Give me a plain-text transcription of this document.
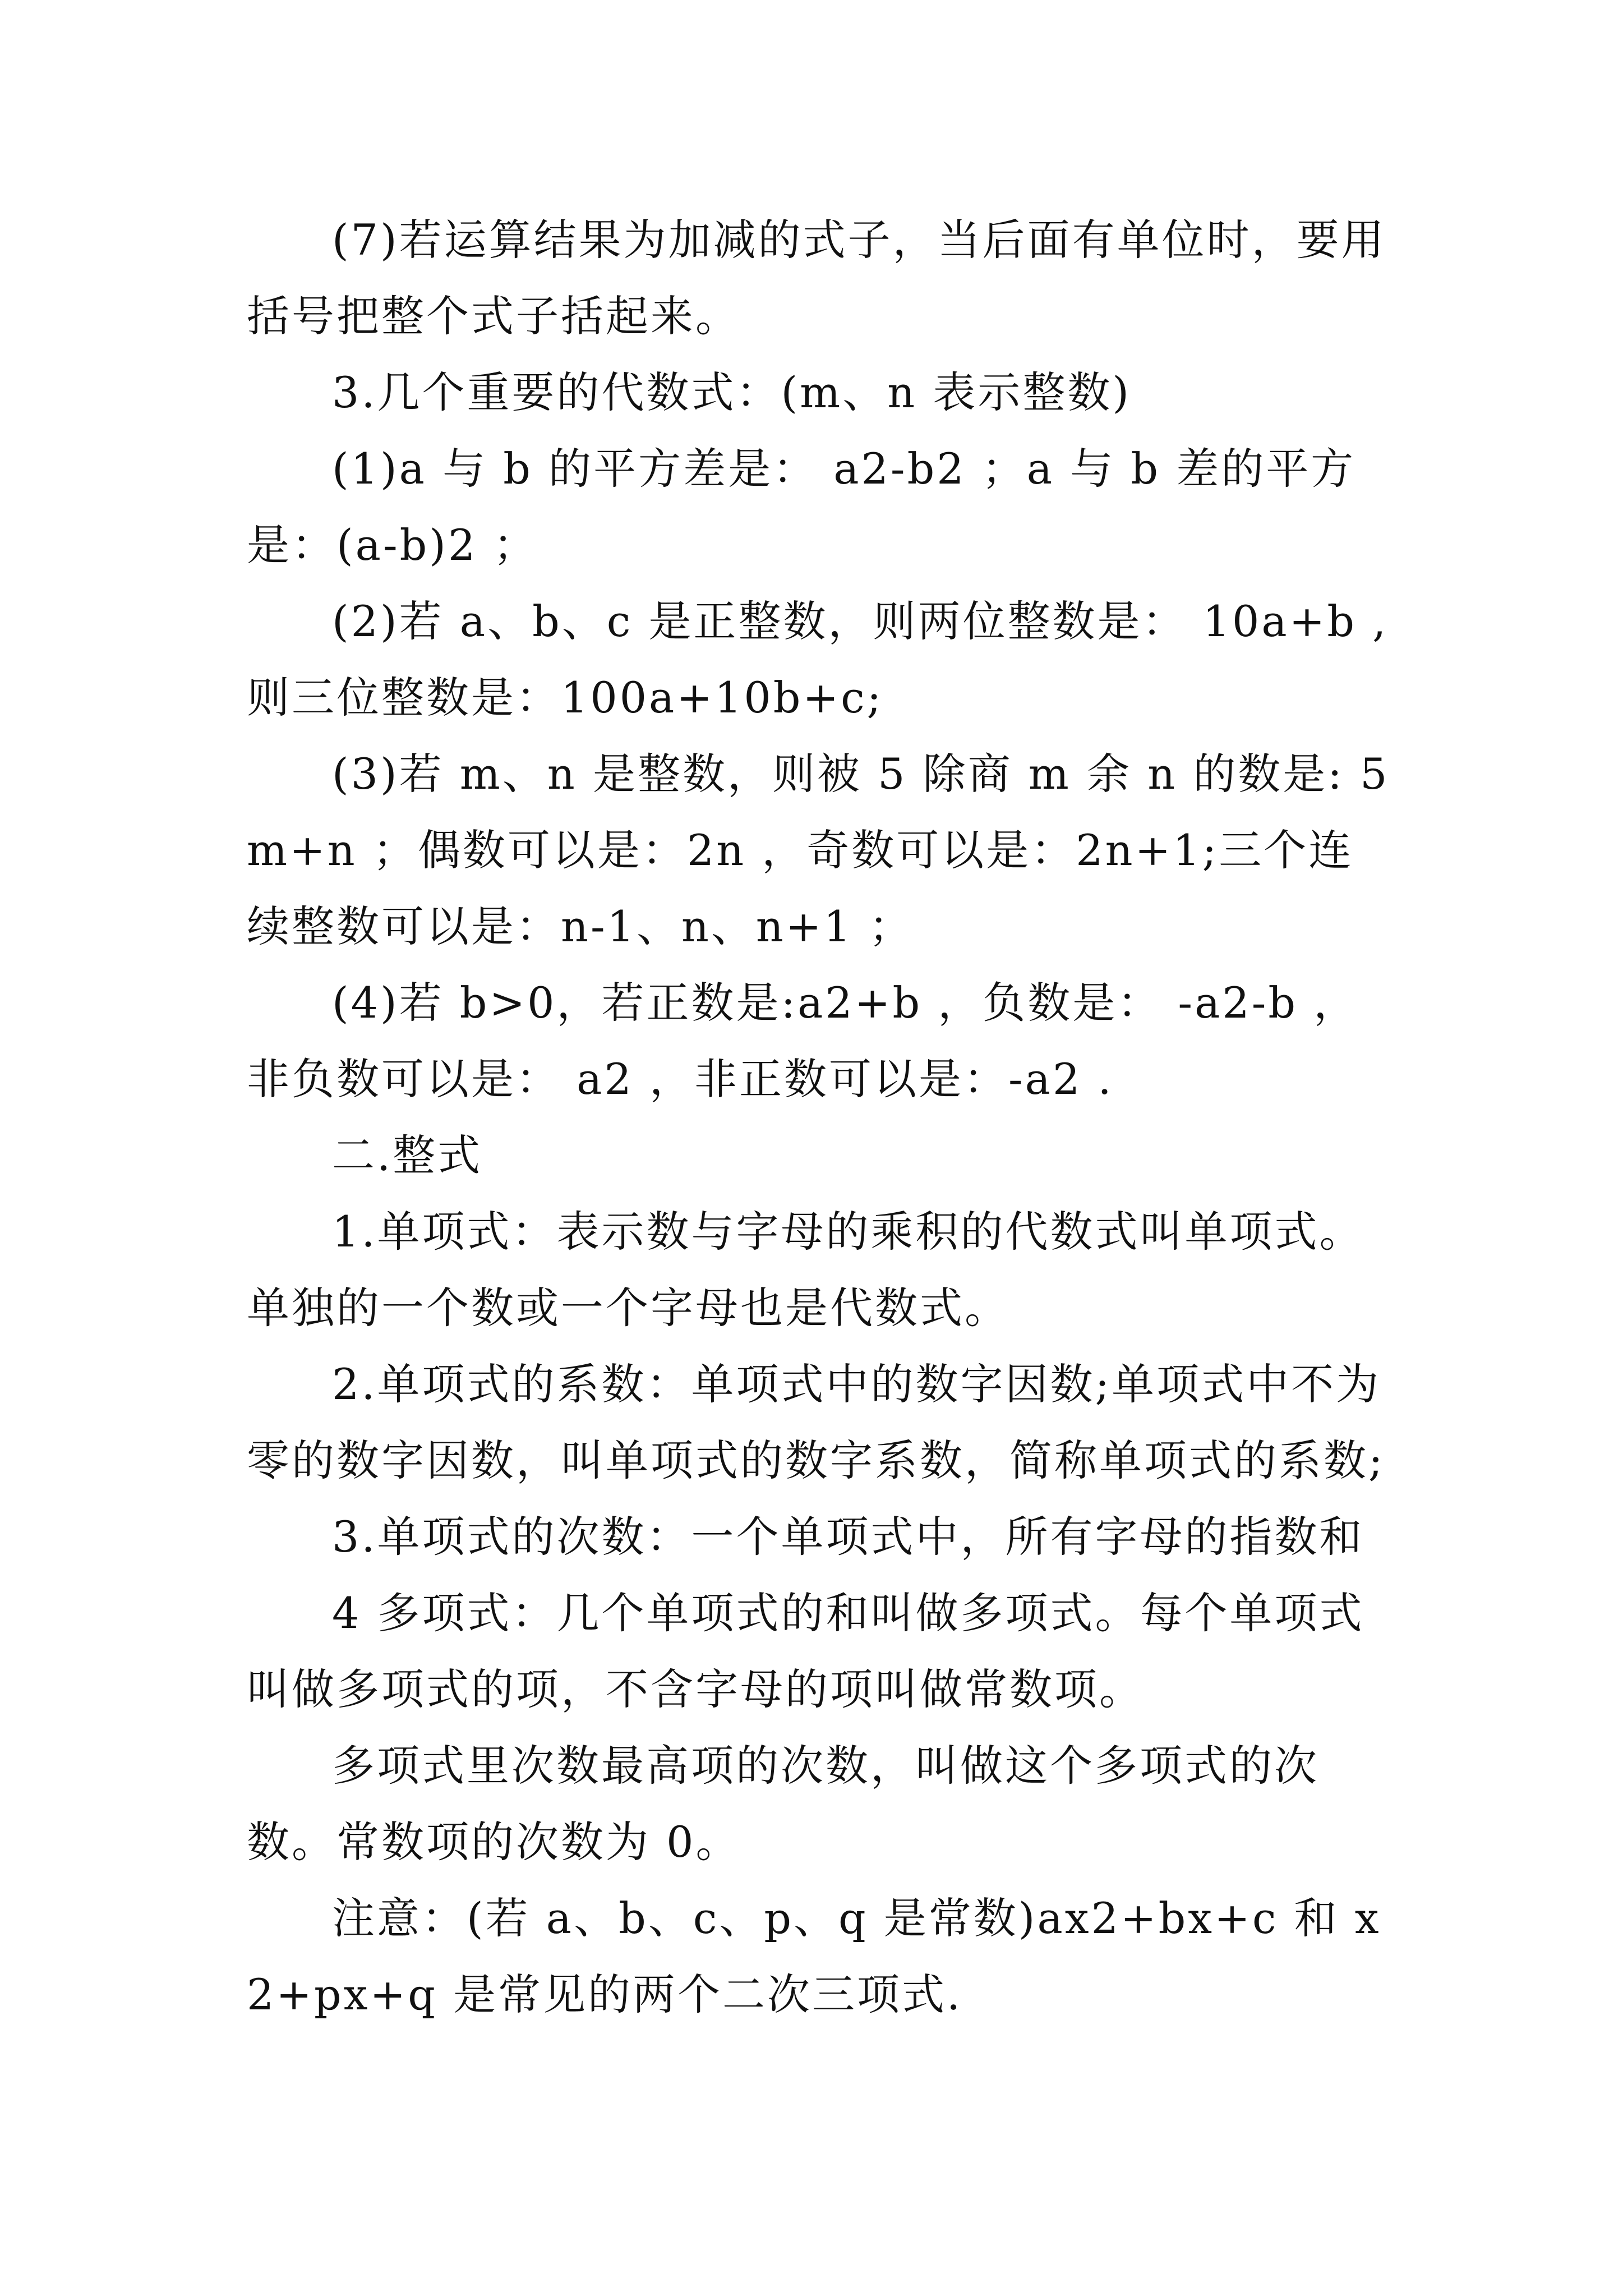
(7)若运算结果为加减的式子，当后面有单位时，要用括号把整个式子括起来。

3.几个重要的代数式：(m、n 表示整数)

(1)a 与 b 的平方差是： a2-b2 ；a 与 b 差的平方是：(a-b)2 ；

(2)若 a、b、c 是正整数，则两位整数是： 10a+b ,则三位整数是：100a+10b+c;

(3)若 m、n 是整数，则被 5 除商 m 余 n 的数是: 5m+n ；偶数可以是：2n ，奇数可以是：2n+1;三个连续整数可以是：n-1、n、n+1 ；

(4)若 b>0，若正数是:a2+b ，负数是： -a2-b ，非负数可以是： a2 ，非正数可以是：-a2 .

二.整式

1.单项式：表示数与字母的乘积的代数式叫单项式。单独的一个数或一个字母也是代数式。

2.单项式的系数：单项式中的数字因数;单项式中不为零的数字因数，叫单项式的数字系数，简称单项式的系数;

3.单项式的次数：一个单项式中，所有字母的指数和

4 多项式：几个单项式的和叫做多项式。每个单项式叫做多项式的项，不含字母的项叫做常数项。

多项式里次数最高项的次数，叫做这个多项式的次数。常数项的次数为 0。

注意：(若 a、b、c、p、q 是常数)ax2+bx+c 和 x2+px+q 是常见的两个二次三项式.
